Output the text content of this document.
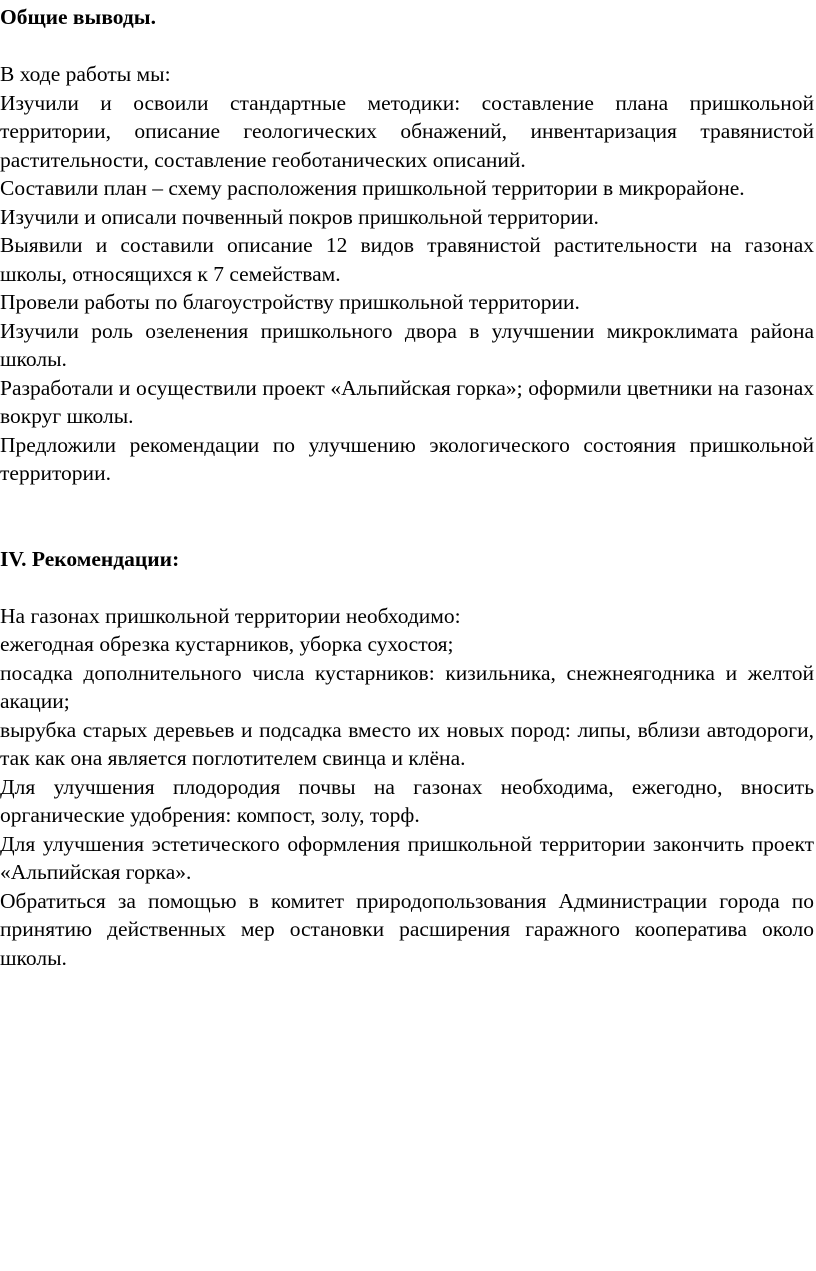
Общие выводы.

В ходе работы мы:

Изучили и освоили стандартные методики: составление плана пришкольной территории, описание геологических обнажений, инвентаризация травянистой растительности, составление геоботанических описаний.

Составили план – схему расположения пришкольной территории в микрорайоне.

Изучили и описали почвенный покров пришкольной территории.

Выявили и составили описание 12 видов травянистой растительности на газонах школы, относящихся к 7 семействам.

Провели работы по благоустройству пришкольной территории.

Изучили роль озеленения пришкольного двора в улучшении микроклимата района школы.

Разработали и осуществили проект «Альпийская горка»; оформили цветники на газонах вокруг школы.

Предложили рекомендации по улучшению экологического состояния пришкольной территории.

IV. Рекомендации:

На газонах пришкольной территории необходимо:

ежегодная обрезка кустарников, уборка сухостоя;

посадка дополнительного числа кустарников: кизильника, снежнеягодника и желтой акации;

вырубка старых деревьев и подсадка вместо их новых пород: липы, вблизи автодороги, так как она является поглотителем свинца и клёна.

Для улучшения плодородия почвы на газонах необходима, ежегодно, вносить органические удобрения: компост, золу, торф.

Для улучшения эстетического оформления пришкольной территории закончить проект «Альпийская горка».

Обратиться за помощью в комитет природопользования Администрации города по принятию действенных мер остановки расширения гаражного кооператива около школы.
